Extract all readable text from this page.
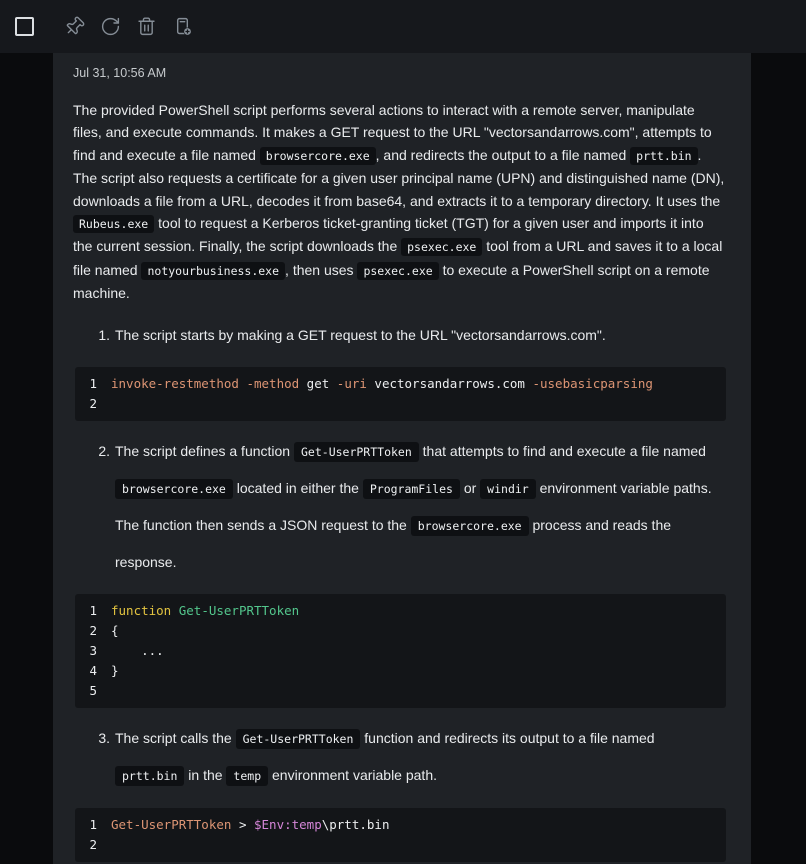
Jul 31, 10:56 AM

The provided PowerShell script performs several actions to interact with a remote server, manipulate files, and execute commands. It makes a GET request to the URL "vectorsandarrows.com", attempts to find and execute a file named browsercore.exe , and redirects the output to a file named prtt.bin . The script also requests a certificate for a given user principal name (UPN) and distinguished name (DN), downloads a file from a URL, decodes it from base64, and extracts it to a temporary directory. It uses the Rubeus.exe tool to request a Kerberos ticket-granting ticket (TGT) for a given user and imports it into the current session. Finally, the script downloads the psexec.exe tool from a URL and saves it to a local file named notyourbusiness.exe , then uses psexec.exe to execute a PowerShell script on a remote machine.

1. The script starts by making a GET request to the URL "vectorsandarrows.com".
1	invoke-restmethod -method get -uri vectorsandarrows.com -usebasicparsing
2
2. The script defines a function Get-UserPRTToken that attempts to find and execute a file named browsercore.exe located in either the ProgramFiles or windir environment variable paths. The function then sends a JSON request to the browsercore.exe process and reads the response.
1	function Get-UserPRTToken
2	{
3	...
4	}
5
3. The script calls the Get-UserPRTToken function and redirects its output to a file named prtt.bin in the temp environment variable path.
1	Get-UserPRTToken > $Env:temp\prtt.bin
2
